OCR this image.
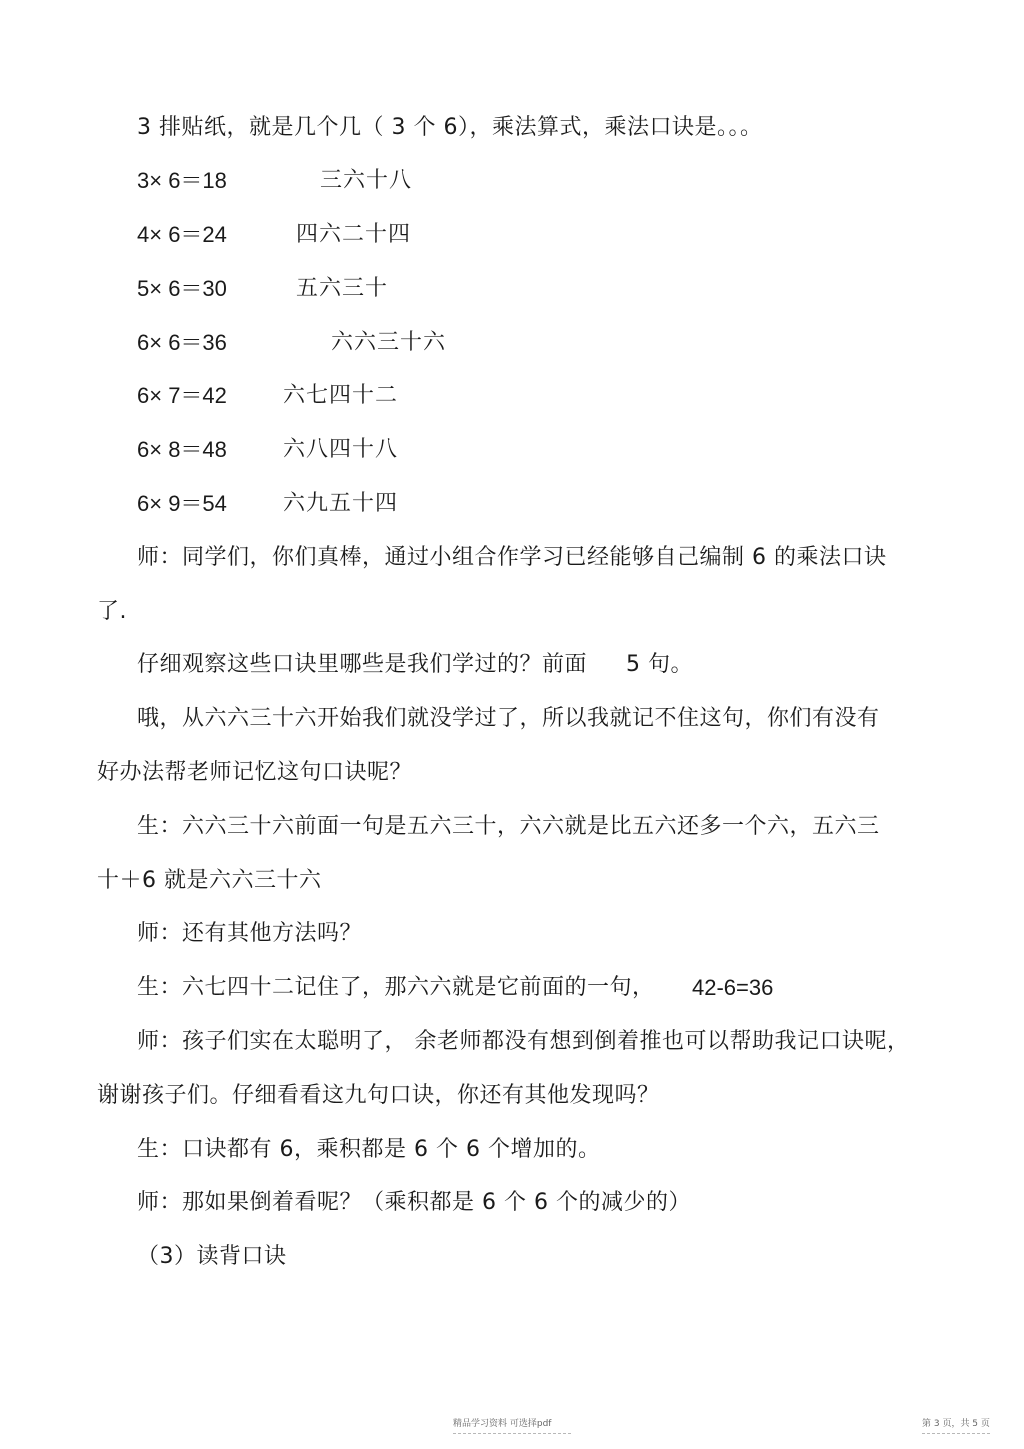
3 排贴纸，就是几个几（ 3 个 6），乘法算式，乘法口诀是。。。
3× 6＝18	三六十八
4× 6＝24	四六二十四
5× 6＝30	五六三十
6× 6＝36	六六三十六
6× 7＝42	六七四十二
6× 8＝48	六八四十八
6× 9＝54	六九五十四
师：同学们，你们真棒，通过小组合作学习已经能够自己编制 6 的乘法口诀
了.
仔细观察这些口诀里哪些是我们学过的？前面 5 句。
哦，从六六三十六开始我们就没学过了，所以我就记不住这句，你们有没有
好办法帮老师记忆这句口诀呢？
生：六六三十六前面一句是五六三十，六六就是比五六还多一个六，五六三
十＋6 就是六六三十六
师：还有其他方法吗？
生：六七四十二记住了，那六六就是它前面的一句， 42-6=36
师：孩子们实在太聪明了， 余老师都没有想到倒着推也可以帮助我记口诀呢，
谢谢孩子们。仔细看看这九句口诀，你还有其他发现吗？
生：口诀都有 6，乘积都是 6 个 6 个增加的。
师：那如果倒着看呢？（乘积都是 6 个 6 个的减少的）
（3）读背口诀
精品学习资料 可选择pdf	第 3 页，共 5 页
